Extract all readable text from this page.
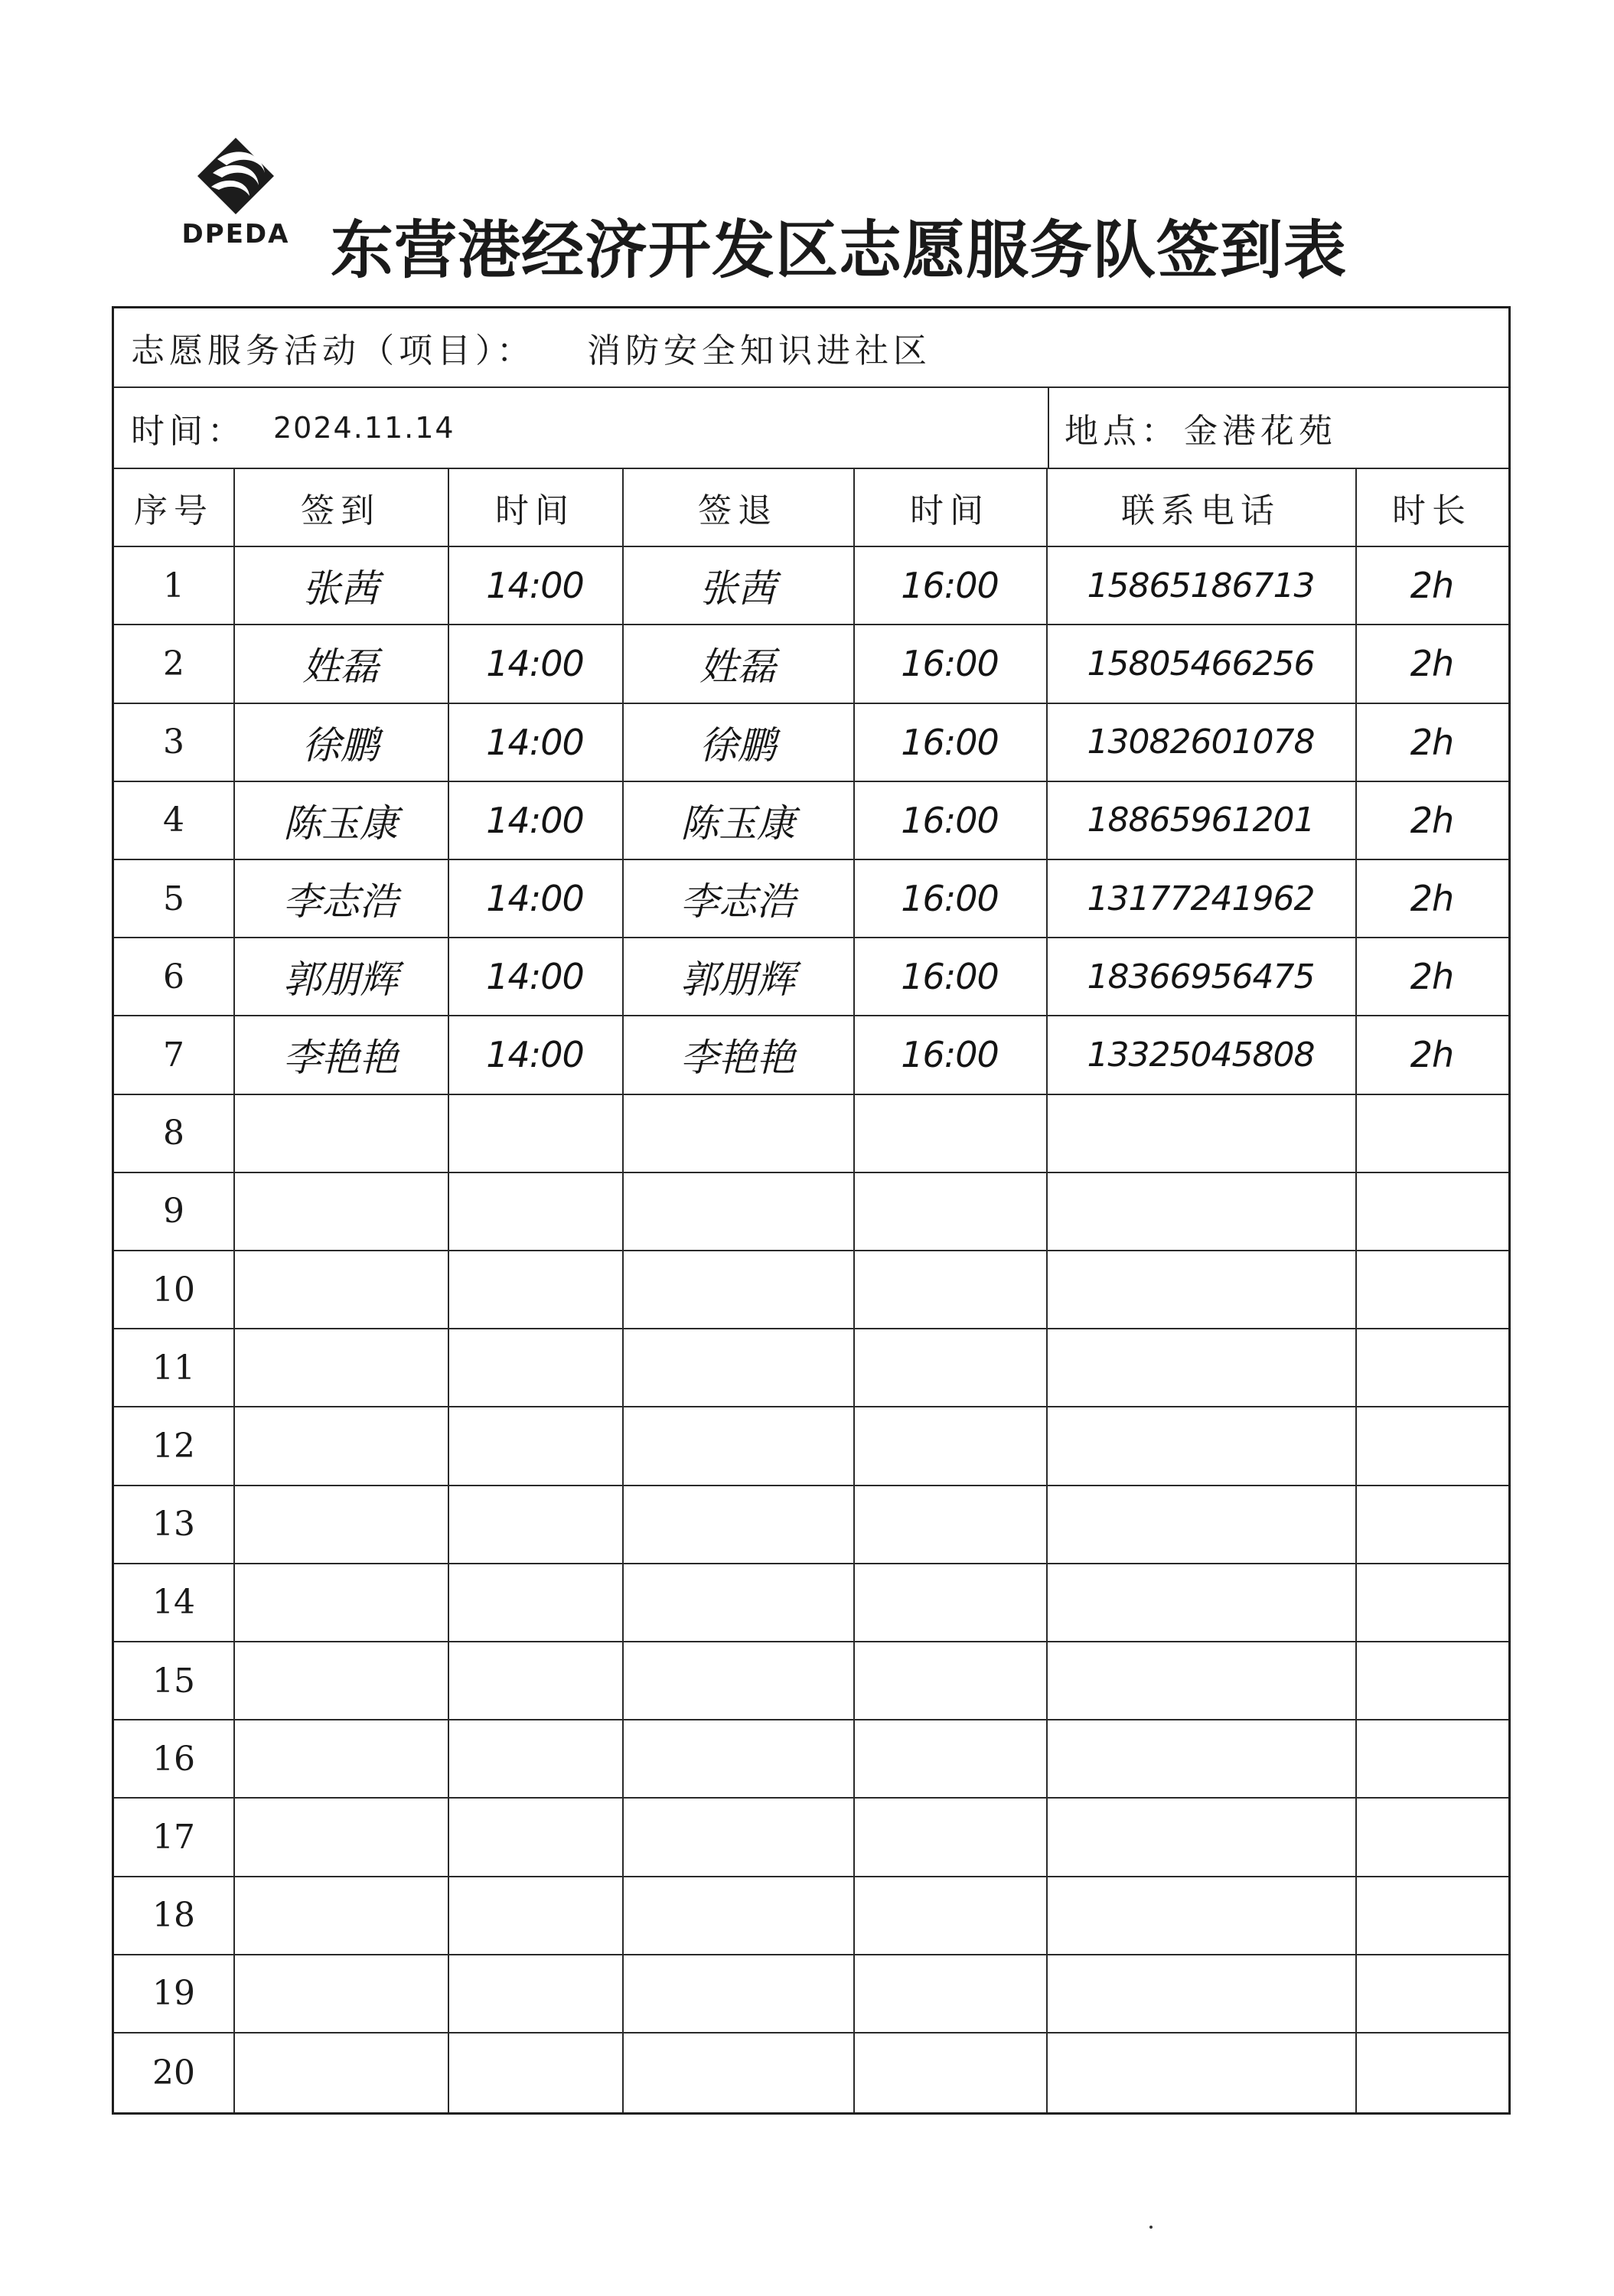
DPEDA 东营港经济开发区志愿服务队签到表
志愿服务活动（项目）： 消防安全知识进社区
时间： 2024.11.14	地点： 金港花苑
序号	签到	时间	签退	时间	联系电话	时长
1	张茜	14:00	张茜	16:00	15865186713	2h
2	姓磊	14:00	姓磊	16:00	15805466256	2h
3	徐鹏	14:00	徐鹏	16:00	13082601078	2h
4	陈玉康	14:00	陈玉康	16:00	18865961201	2h
5	李志浩	14:00	李志浩	16:00	13177241962	2h
6	郭朋辉	14:00	郭朋辉	16:00	18366956475	2h
7	李艳艳	14:00	李艳艳	16:00	13325045808	2h
8
9
10
11
12
13
14
15
16
17
18
19
20
